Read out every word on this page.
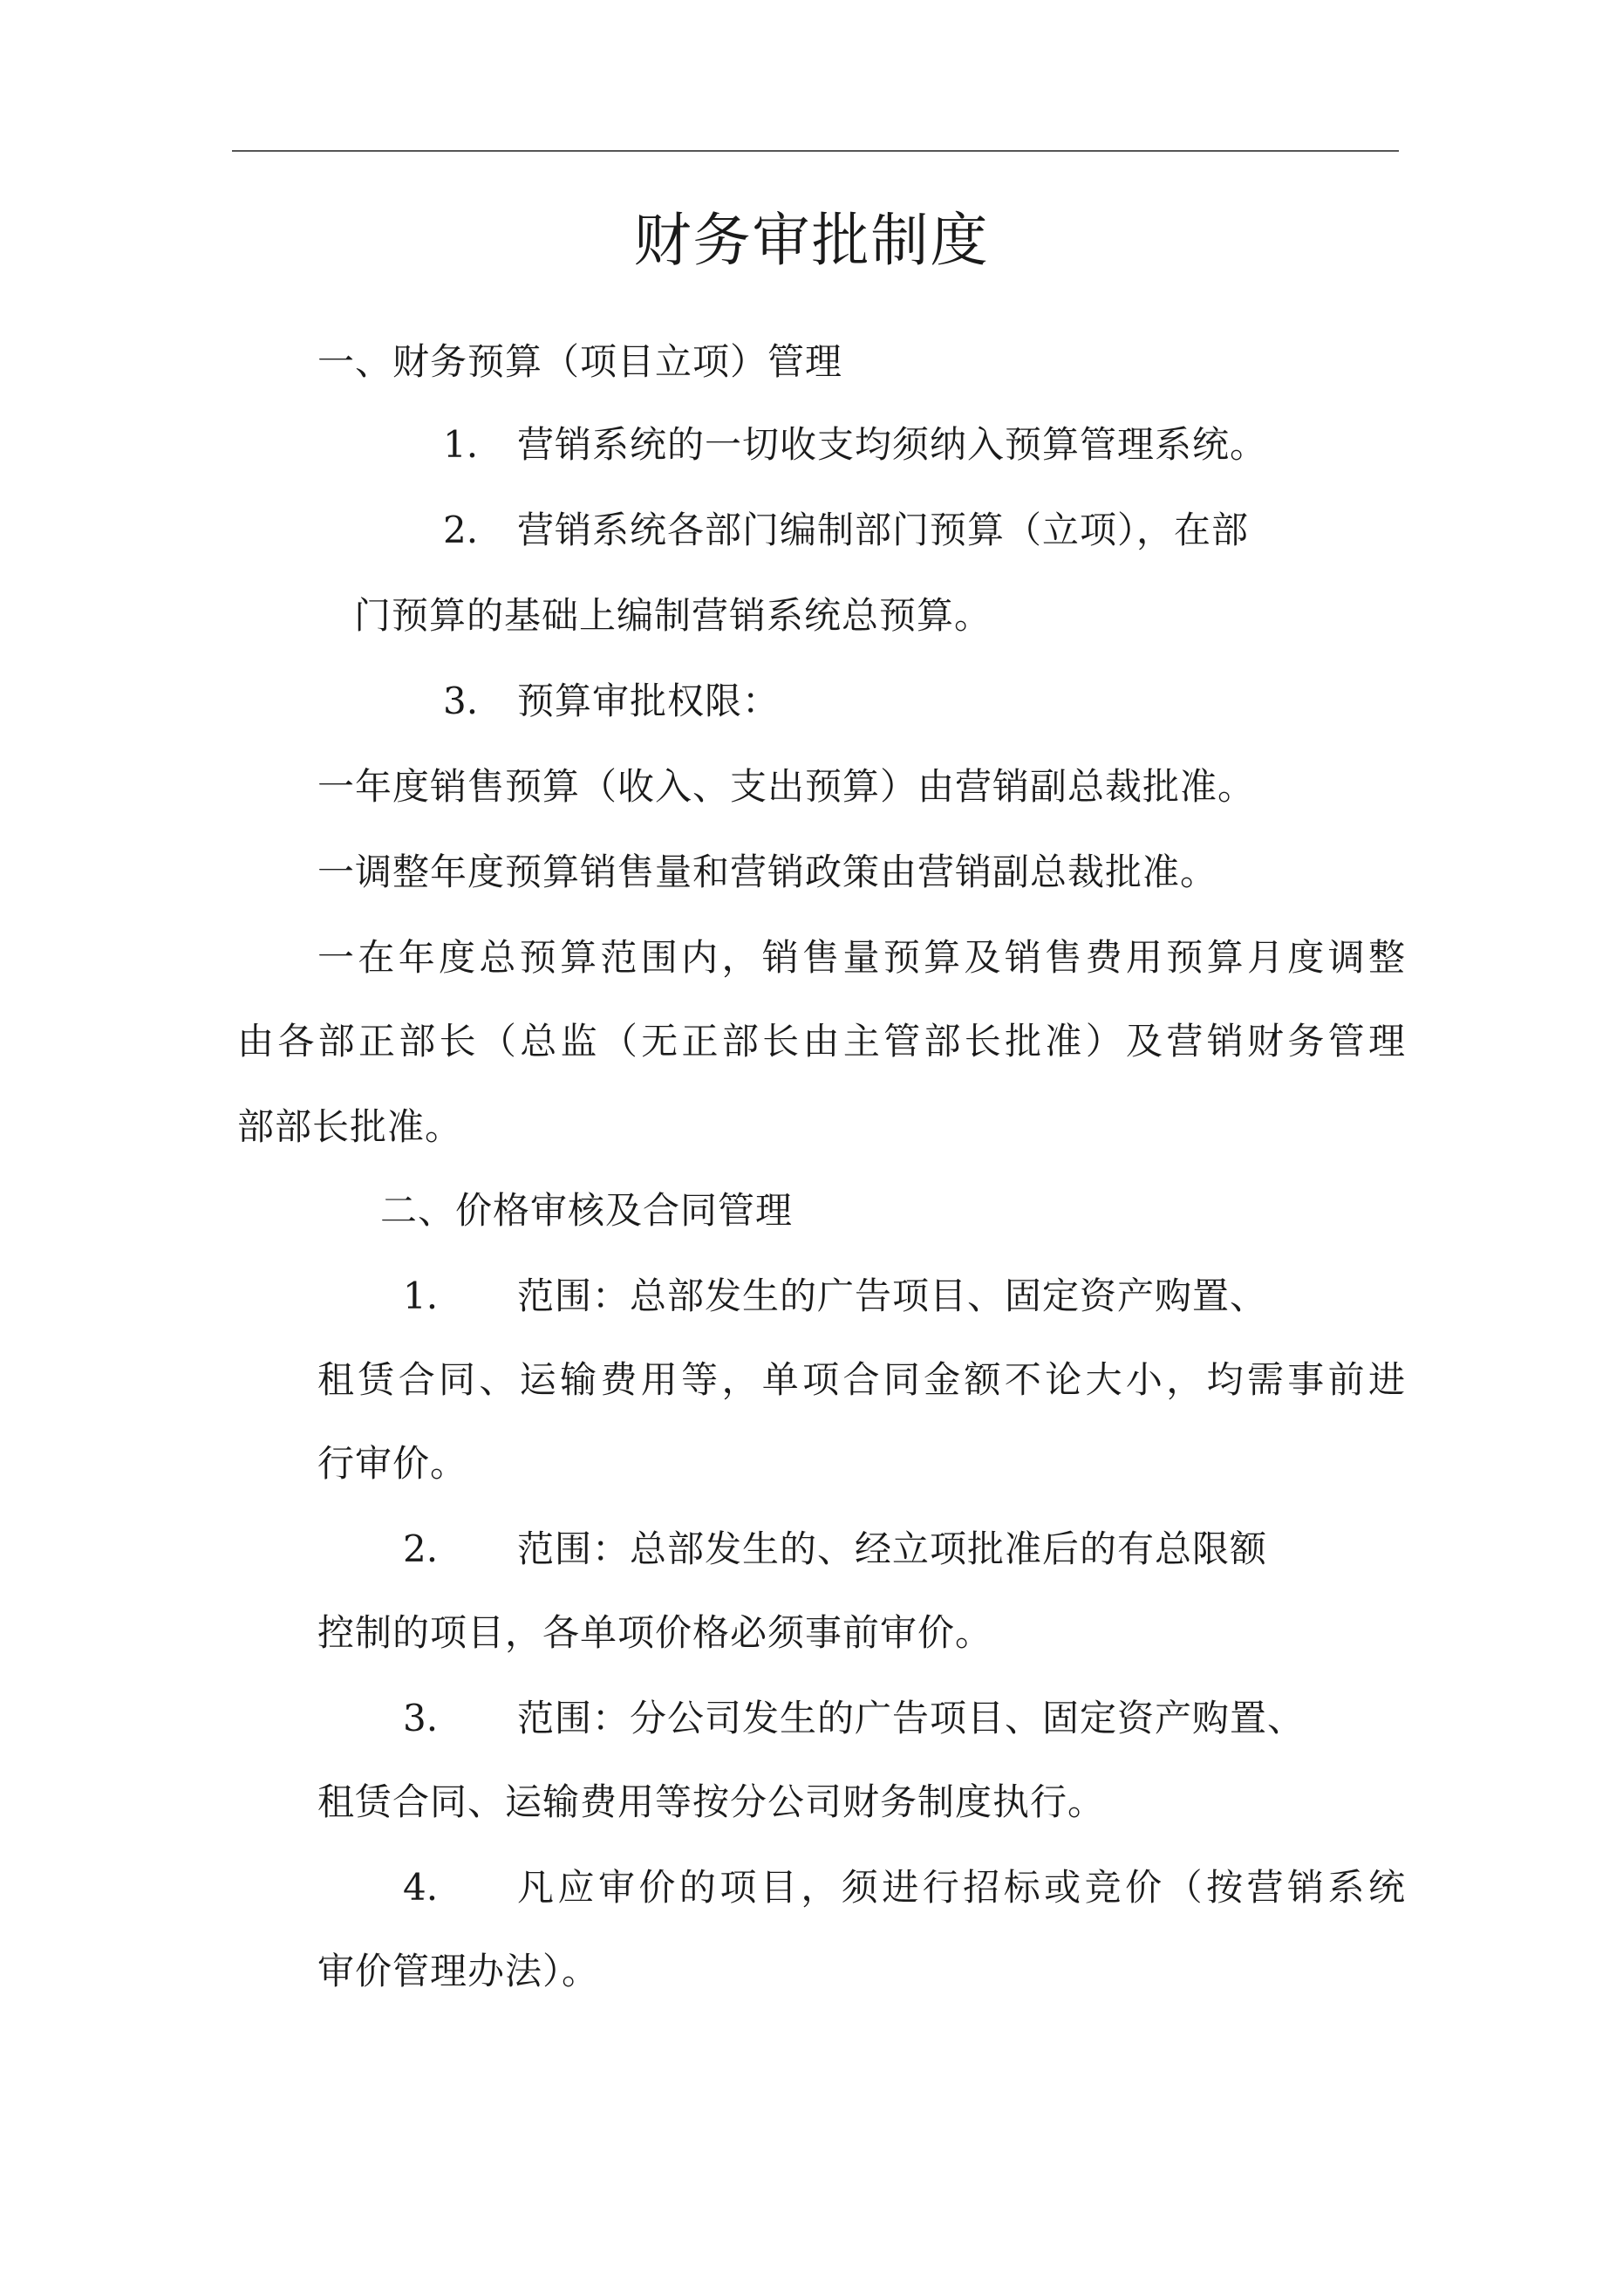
财务审批制度
一、财务预算（项目立项）管理
1. 营销系统的一切收支均须纳入预算管理系统。
2. 营销系统各部门编制部门预算（立项），在部
门预算的基础上编制营销系统总预算。
3. 预算审批权限：
一年度销售预算（收入、支出预算）由营销副总裁批准。
一调整年度预算销售量和营销政策由营销副总裁批准。
一在年度总预算范围内，销售量预算及销售费用预算月度调整
由各部正部长（总监（无正部长由主管部长批准）及营销财务管理
部部长批准。
二、价格审核及合同管理
1. 范围：总部发生的广告项目、固定资产购置、
租赁合同、运输费用等，单项合同金额不论大小，均需事前进
行审价。
2. 范围：总部发生的、经立项批准后的有总限额
控制的项目，各单项价格必须事前审价。
3. 范围：分公司发生的广告项目、固定资产购置、
租赁合同、运输费用等按分公司财务制度执行。
4. 凡应审价的项目，须进行招标或竞价（按营销系统
审价管理办法）。
